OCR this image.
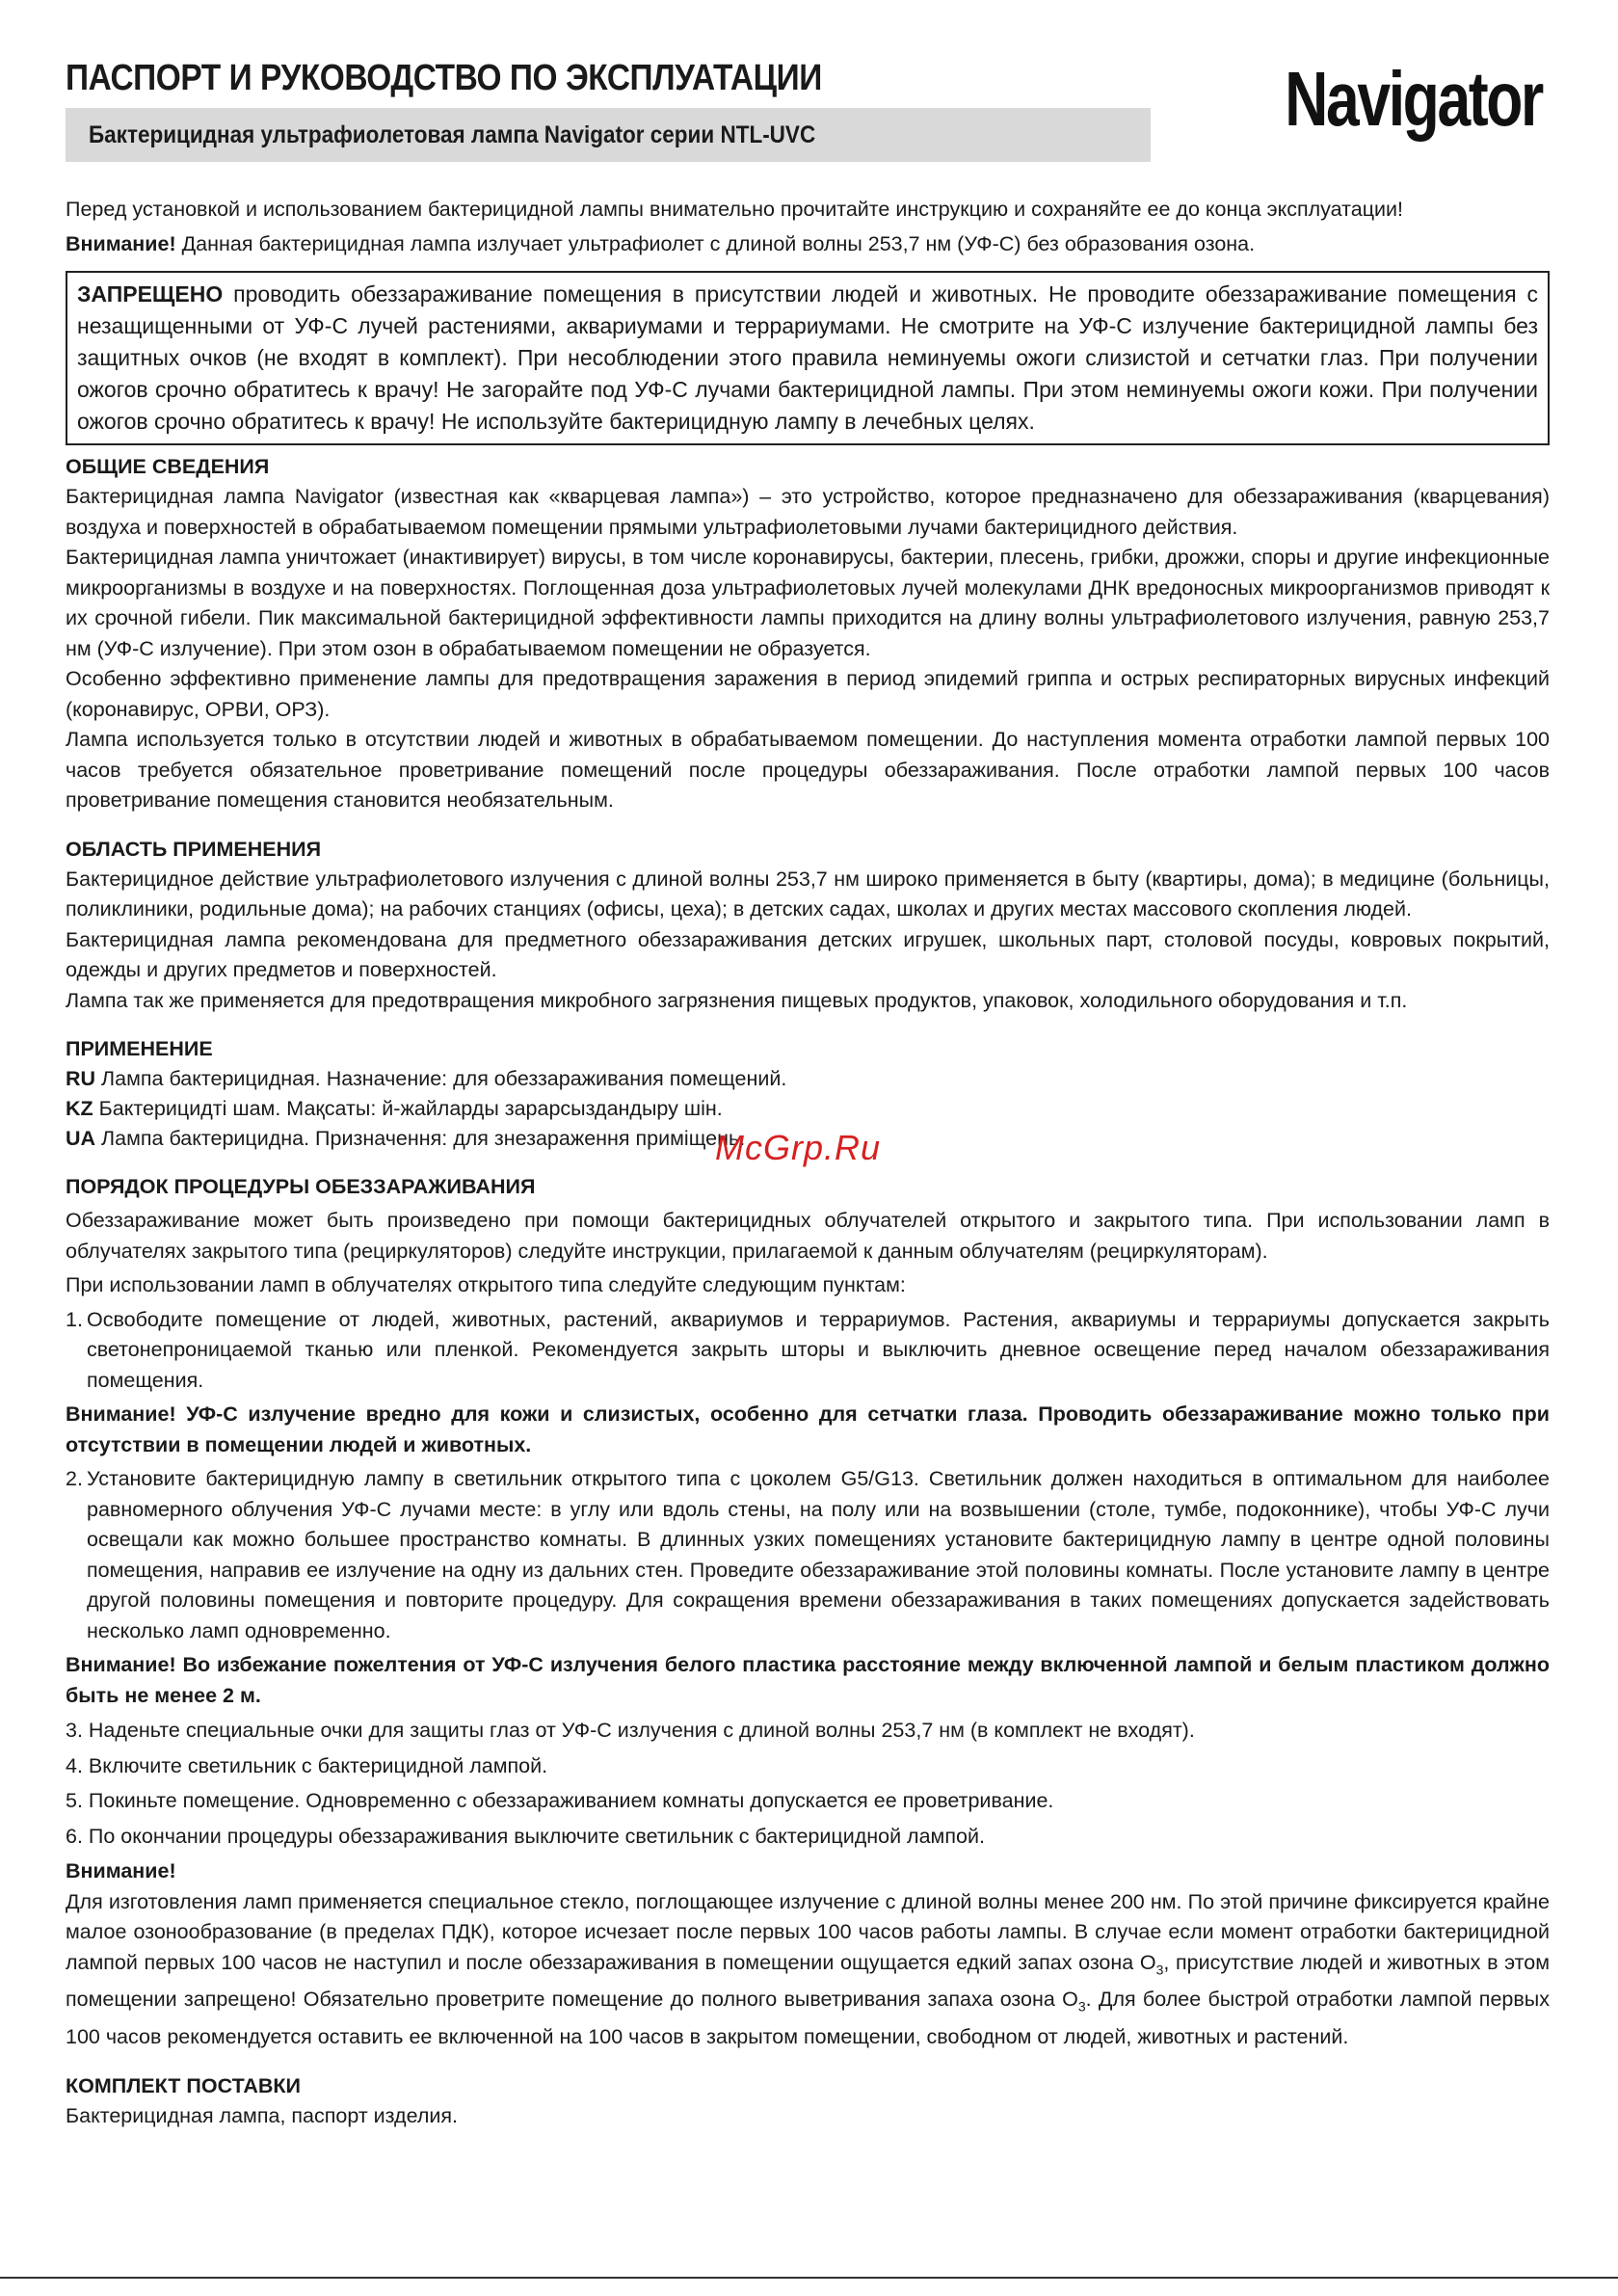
Navigator
ПАСПОРТ И РУКОВОДСТВО ПО ЭКСПЛУАТАЦИИ
Бактерицидная ультрафиолетовая лампа Navigator серии NTL-UVC

Перед установкой и использованием бактерицидной лампы внимательно прочитайте инструкцию и сохраняйте ее до конца эксплуатации!

Внимание! Данная бактерицидная лампа излучает ультрафиолет с длиной волны 253,7 нм (УФ-С) без образования озона.

ЗАПРЕЩЕНО проводить обеззараживание помещения в присутствии людей и животных. Не проводите обеззараживание помещения с незащищенными от УФ-С лучей растениями, аквариумами и террариумами. Не смотрите на УФ-С излучение бактерицидной лампы без защитных очков (не входят в комплект). При несоблюдении этого правила неминуемы ожоги слизистой и сетчатки глаз. При получении ожогов срочно обратитесь к врачу! Не загорайте под УФ-С лучами бактерицидной лампы. При этом неминуемы ожоги кожи. При получении ожогов срочно обратитесь к врачу! Не используйте бактерицидную лампу в лечебных целях.
ОБЩИЕ СВЕДЕНИЯ

Бактерицидная лампа Navigator (известная как «кварцевая лампа») – это устройство, которое предназначено для обеззараживания (кварцевания) воздуха и поверхностей в обрабатываемом помещении прямыми ультрафиолетовыми лучами бактерицидного действия.

Бактерицидная лампа уничтожает (инактивирует) вирусы, в том числе коронавирусы, бактерии, плесень, грибки, дрожжи, споры и другие инфекционные микроорганизмы в воздухе и на поверхностях. Поглощенная доза ультрафиолетовых лучей молекулами ДНК вредоносных микроорганизмов приводят к их срочной гибели. Пик максимальной бактерицидной эффективности лампы приходится на длину волны ультрафиолетового излучения, равную 253,7 нм (УФ-С излучение). При этом озон в обрабатываемом помещении не образуется.

Особенно эффективно применение лампы для предотвращения заражения в период эпидемий гриппа и острых респираторных вирусных инфекций (коронавирус, ОРВИ, ОРЗ).

Лампа используется только в отсутствии людей и животных в обрабатываемом помещении. До наступления момента отработки лампой первых 100 часов требуется обязательное проветривание помещений после процедуры обеззараживания. После отработки лампой первых 100 часов проветривание помещения становится необязательным.

ОБЛАСТЬ ПРИМЕНЕНИЯ

Бактерицидное действие ультрафиолетового излучения с длиной волны 253,7 нм широко применяется в быту (квартиры, дома); в медицине (больницы, поликлиники, родильные дома); на рабочих станциях (офисы, цеха); в детских садах, школах и других местах массового скопления людей.

Бактерицидная лампа рекомендована для предметного обеззараживания детских игрушек, школьных парт, столовой посуды, ковровых покрытий, одежды и других предметов и поверхностей.

Лампа так же применяется для предотвращения микробного загрязнения пищевых продуктов, упаковок, холодильного оборудования и т.п.

ПРИМЕНЕНИЕ

RU Лампа бактерицидная. Назначение: для обеззараживания помещений.

KZ Бактерицидті шам. Мақсаты: й-жайларды зарарсыздандыру шін.

UA Лампа бактерицидна. Призначення: для знезараження приміщень.

ПОРЯДОК ПРОЦЕДУРЫ ОБЕЗЗАРАЖИВАНИЯ

Обеззараживание может быть произведено при помощи бактерицидных облучателей открытого и закрытого типа. При использовании ламп в облучателях закрытого типа (рециркуляторов) следуйте инструкции, прилагаемой к данным облучателям (рециркуляторам).

При использовании ламп в облучателях открытого типа следуйте следующим пунктам:

1. Освободите помещение от людей, животных, растений, аквариумов и террариумов. Растения, аквариумы и террариумы допускается закрыть светонепроницаемой тканью или пленкой. Рекомендуется закрыть шторы и выключить дневное освещение перед началом обеззараживания помещения.

Внимание! УФ-С излучение вредно для кожи и слизистых, особенно для сетчатки глаза. Проводить обеззараживание можно только при отсутствии в помещении людей и животных.

2. Установите бактерицидную лампу в светильник открытого типа с цоколем G5/G13. Светильник должен находиться в оптимальном для наиболее равномерного облучения УФ-С лучами месте: в углу или вдоль стены, на полу или на возвышении (столе, тумбе, подоконнике), чтобы УФ-С лучи освещали как можно большее пространство комнаты. В длинных узких помещениях установите бактерицидную лампу в центре одной половины помещения, направив ее излучение на одну из дальних стен. Проведите обеззараживание этой половины комнаты. После установите лампу в центре другой половины помещения и повторите процедуру. Для сокращения времени обеззараживания в таких помещениях допускается задействовать несколько ламп одновременно.

Внимание! Во избежание пожелтения от УФ-С излучения белого пластика расстояние между включенной лампой и белым пластиком должно быть не менее 2 м.

3. Наденьте специальные очки для защиты глаз от УФ-С излучения с длиной волны 253,7 нм (в комплект не входят).

4. Включите светильник с бактерицидной лампой.

5. Покиньте помещение. Одновременно с обеззараживанием комнаты допускается ее проветривание.

6. По окончании процедуры обеззараживания выключите светильник с бактерицидной лампой.

Внимание!

Для изготовления ламп применяется специальное стекло, поглощающее излучение с длиной волны менее 200 нм. По этой причине фиксируется крайне малое озонообразование (в пределах ПДК), которое исчезает после первых 100 часов работы лампы. В случае если момент отработки бактерицидной лампой первых 100 часов не наступил и после обеззараживания в помещении ощущается едкий запах озона $O_3$, присутствие людей и животных в этом помещении запрещено! Обязательно проветрите помещение до полного выветривания запаха озона $O_3$. Для более быстрой отработки лампой первых 100 часов рекомендуется оставить ее включенной на 100 часов в закрытом помещении, свободном от людей, животных и растений.

КОМПЛЕКТ ПОСТАВКИ

Бактерицидная лампа, паспорт изделия.

McGrp.Ru
